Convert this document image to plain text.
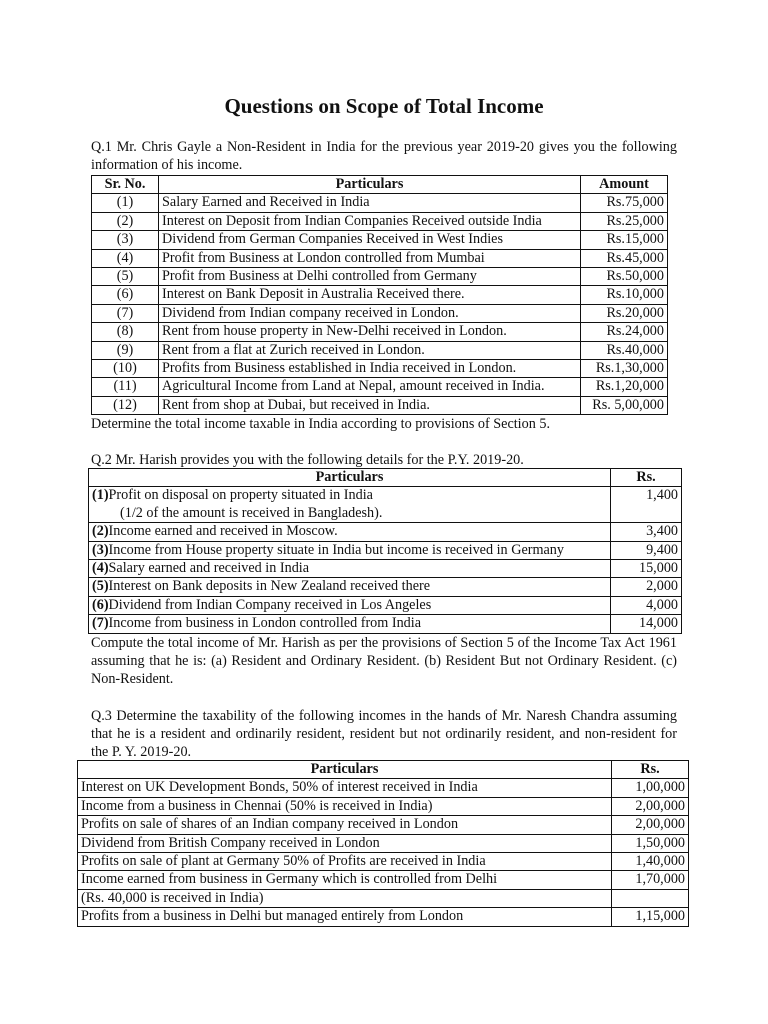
Questions on Scope of Total Income
Q.1 Mr. Chris Gayle a Non-Resident in India for the previous year 2019-20 gives you the following information of his income.
Sr. No.	Particulars	Amount
(1)	Salary Earned and Received in India	Rs.75,000
(2)	Interest on Deposit from Indian Companies Received outside India	Rs.25,000
(3)	Dividend from German Companies Received in West Indies	Rs.15,000
(4)	Profit from Business at London controlled from Mumbai	Rs.45,000
(5)	Profit from Business at Delhi controlled from Germany	Rs.50,000
(6)	Interest on Bank Deposit in Australia Received there.	Rs.10,000
(7)	Dividend from Indian company received in London.	Rs.20,000
(8)	Rent from house property in New-Delhi received in London.	Rs.24,000
(9)	Rent from a flat at Zurich received in London.	Rs.40,000
(10)	Profits from Business established in India received in London.	Rs.1,30,000
(11)	Agricultural Income from Land at Nepal, amount received in India.	Rs.1,20,000
(12)	Rent from shop at Dubai, but received in India.	Rs. 5,00,000
Determine the total income taxable in India according to provisions of Section 5.
Q.2 Mr. Harish provides you with the following details for the P.Y. 2019-20.
Particulars	Rs.
(1)Profit on disposal on property situated in India
(1/2 of the amount is received in Bangladesh).	1,400
(2)Income earned and received in Moscow.	3,400
(3)Income from House property situate in India but income is received in Germany	9,400
(4)Salary earned and received in India	15,000
(5)Interest on Bank deposits in New Zealand received there	2,000
(6)Dividend from Indian Company received in Los Angeles	4,000
(7)Income from business in London controlled from India	14,000
Compute the total income of Mr. Harish as per the provisions of Section 5 of the Income Tax Act 1961 assuming that he is: (a) Resident and Ordinary Resident. (b) Resident But not Ordinary Resident. (c) Non-Resident.
Q.3 Determine the taxability of the following incomes in the hands of Mr. Naresh Chandra assuming that he is a resident and ordinarily resident, resident but not ordinarily resident, and non-resident for the P. Y. 2019-20.
Particulars	Rs.
Interest on UK Development Bonds, 50% of interest received in India	1,00,000
Income from a business in Chennai (50% is received in India)	2,00,000
Profits on sale of shares of an Indian company received in London	2,00,000
Dividend from British Company received in London	1,50,000
Profits on sale of plant at Germany 50% of Profits are received in India	1,40,000
Income earned from business in Germany which is controlled from Delhi	1,70,000
(Rs. 40,000 is received in India)	
Profits from a business in Delhi but managed entirely from London	1,15,000
